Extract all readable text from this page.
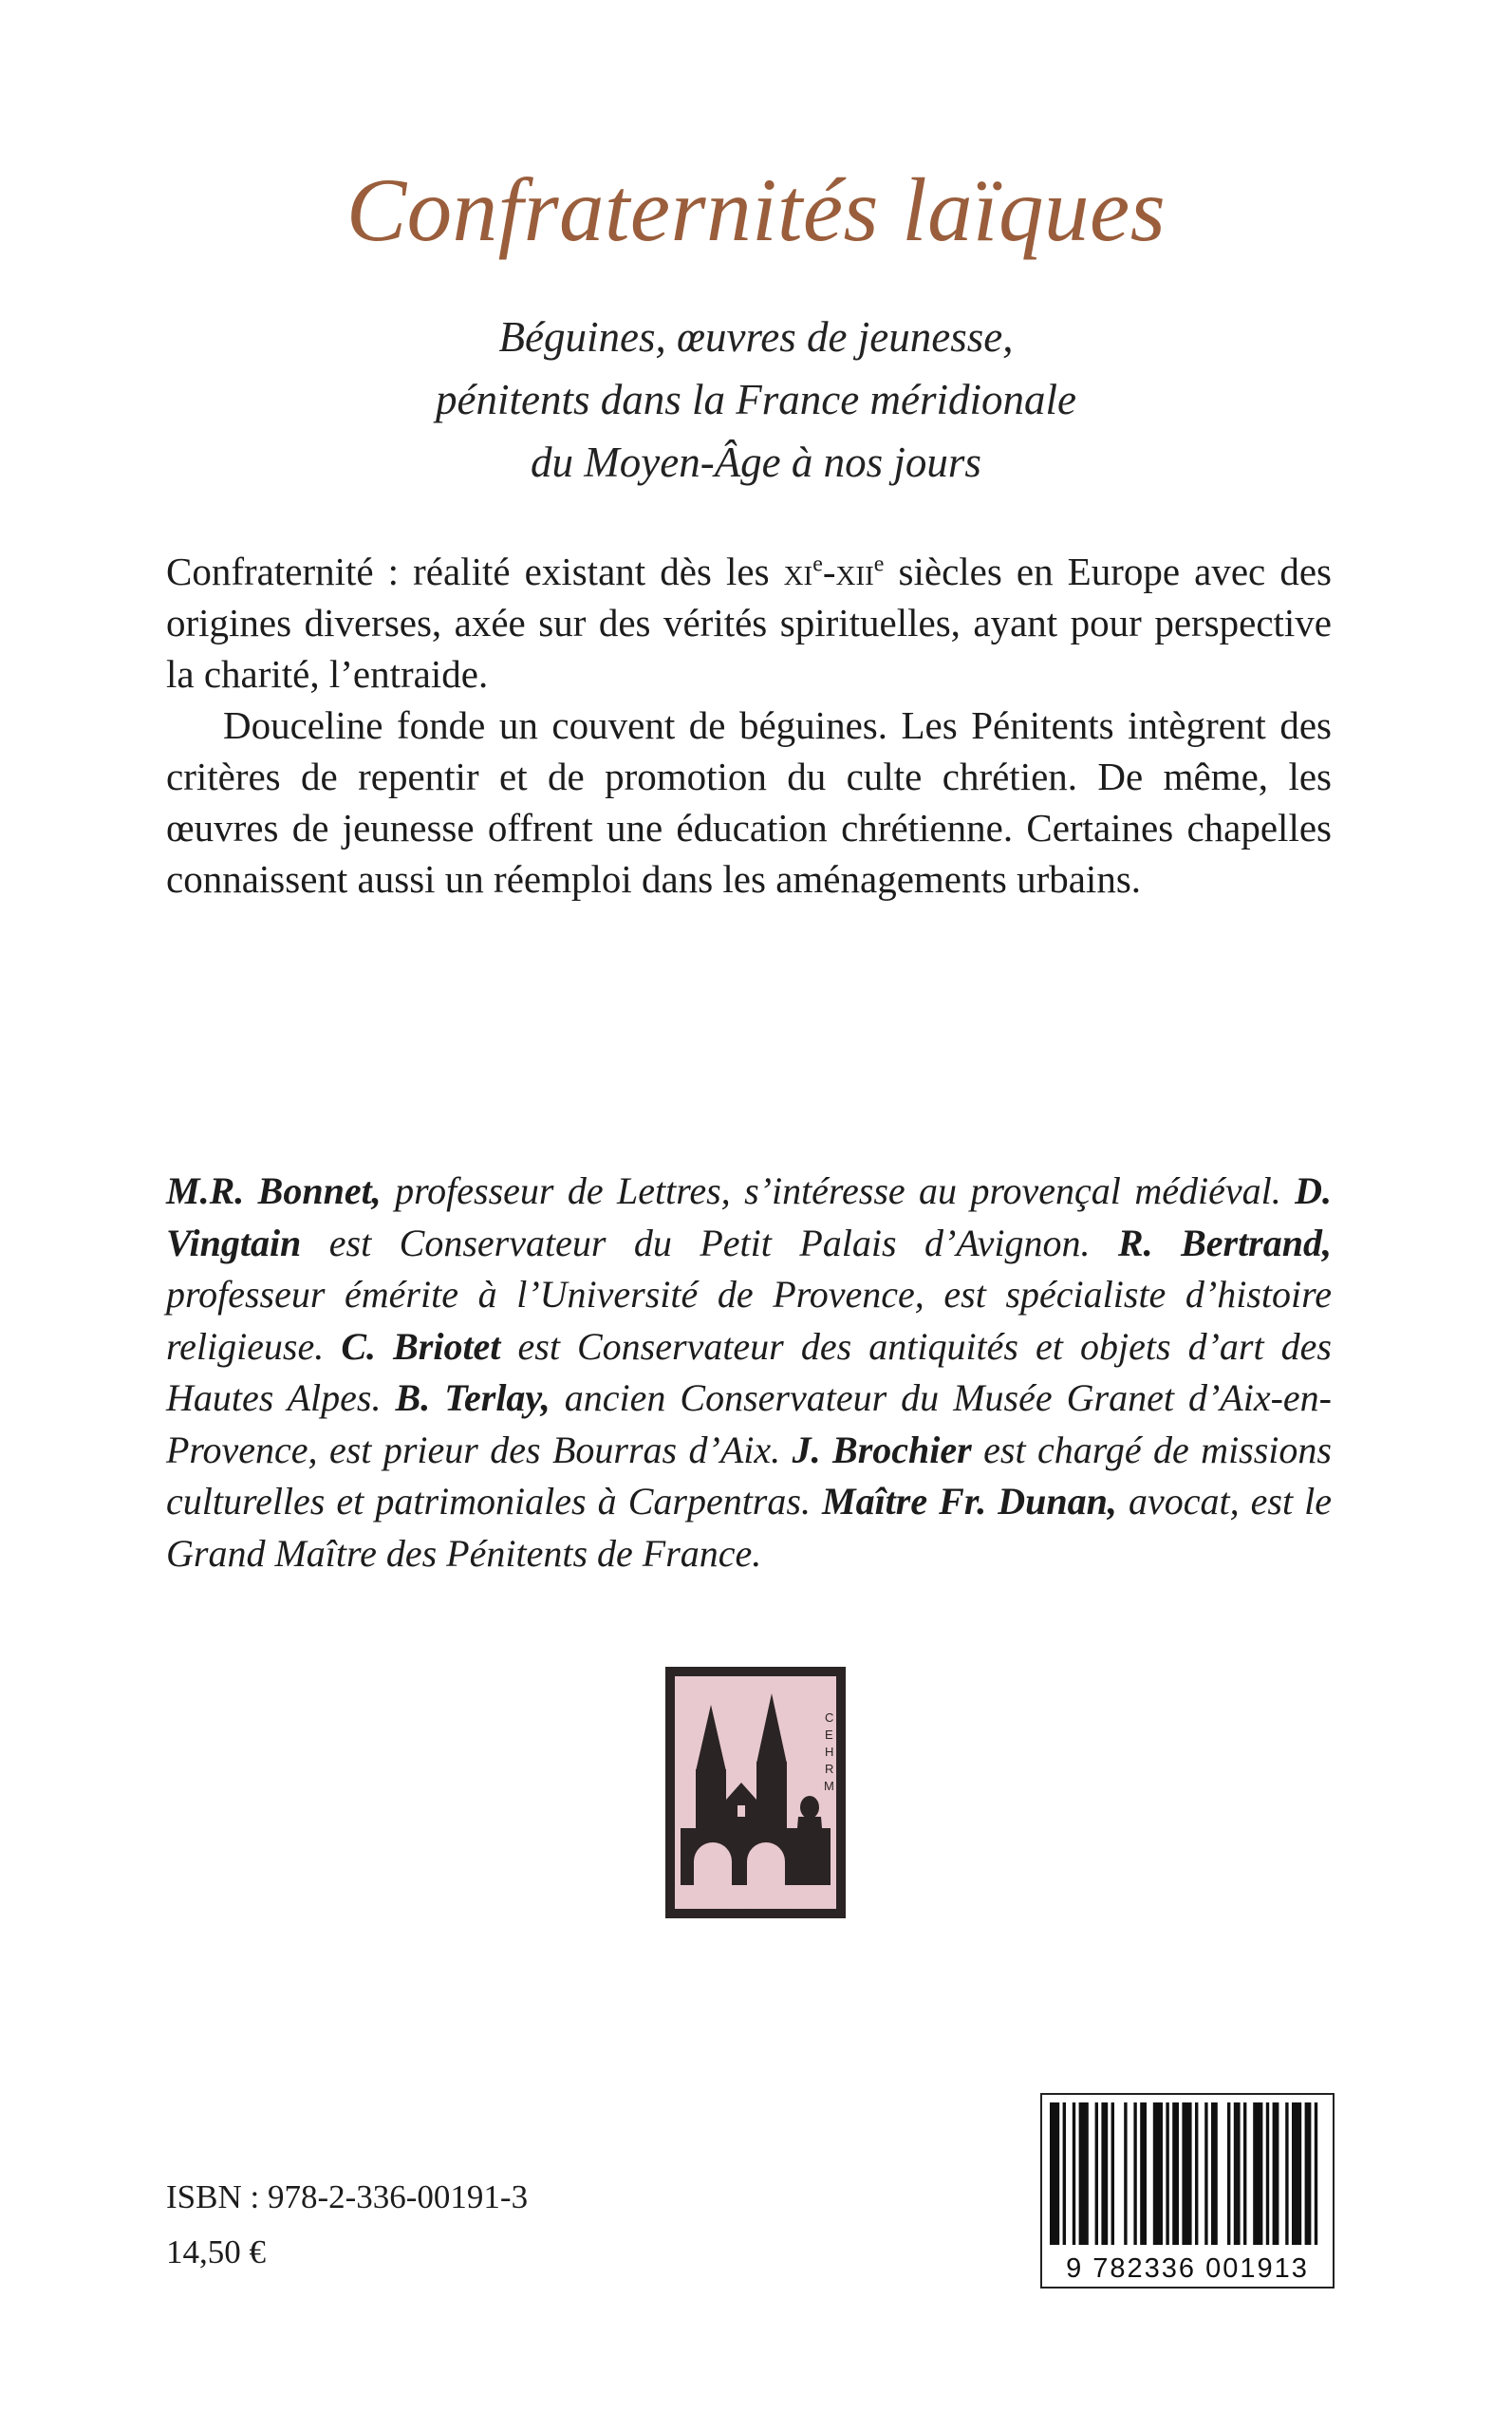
Confraternités laïques
Béguines, œuvres de jeunesse,
pénitents dans la France méridionale
du Moyen-Âge à nos jours

Confraternité : réalité existant dès les $xi^e-xii^e$ siècles en Europe avec des origines diverses, axée sur des vérités spirituelles, ayant pour perspective la charité, l’entraide.

Douceline fonde un couvent de béguines. Les Pénitents intègrent des critères de repentir et de promotion du culte chrétien. De même, les œuvres de jeunesse offrent une éducation chrétienne. Certaines chapelles connaissent aussi un réemploi dans les aménagements urbains.

M.R. Bonnet, professeur de Lettres, s’intéresse au provençal médiéval. D. Vingtain est Conservateur du Petit Palais d’Avignon. R. Bertrand, professeur émérite à l’Université de Provence, est spécialiste d’histoire religieuse. C. Briotet est Conservateur des antiquités et objets d’art des Hautes Alpes. B. Terlay, ancien Conservateur du Musée Granet d’Aix-en-Provence, est prieur des Bourras d’Aix. J. Brochier est chargé de missions culturelles et patrimoniales à Carpentras. Maître Fr. Dunan, avocat, est le Grand Maître des Pénitents de France.

C
E
H
R
M
CENTRE D’ÉTUDES D’HISTOIRE
RELIGIEUSE MÉRIDIONALE
9 782336 001913
ISBN : 978-2-336-00191-3
14,50 €
